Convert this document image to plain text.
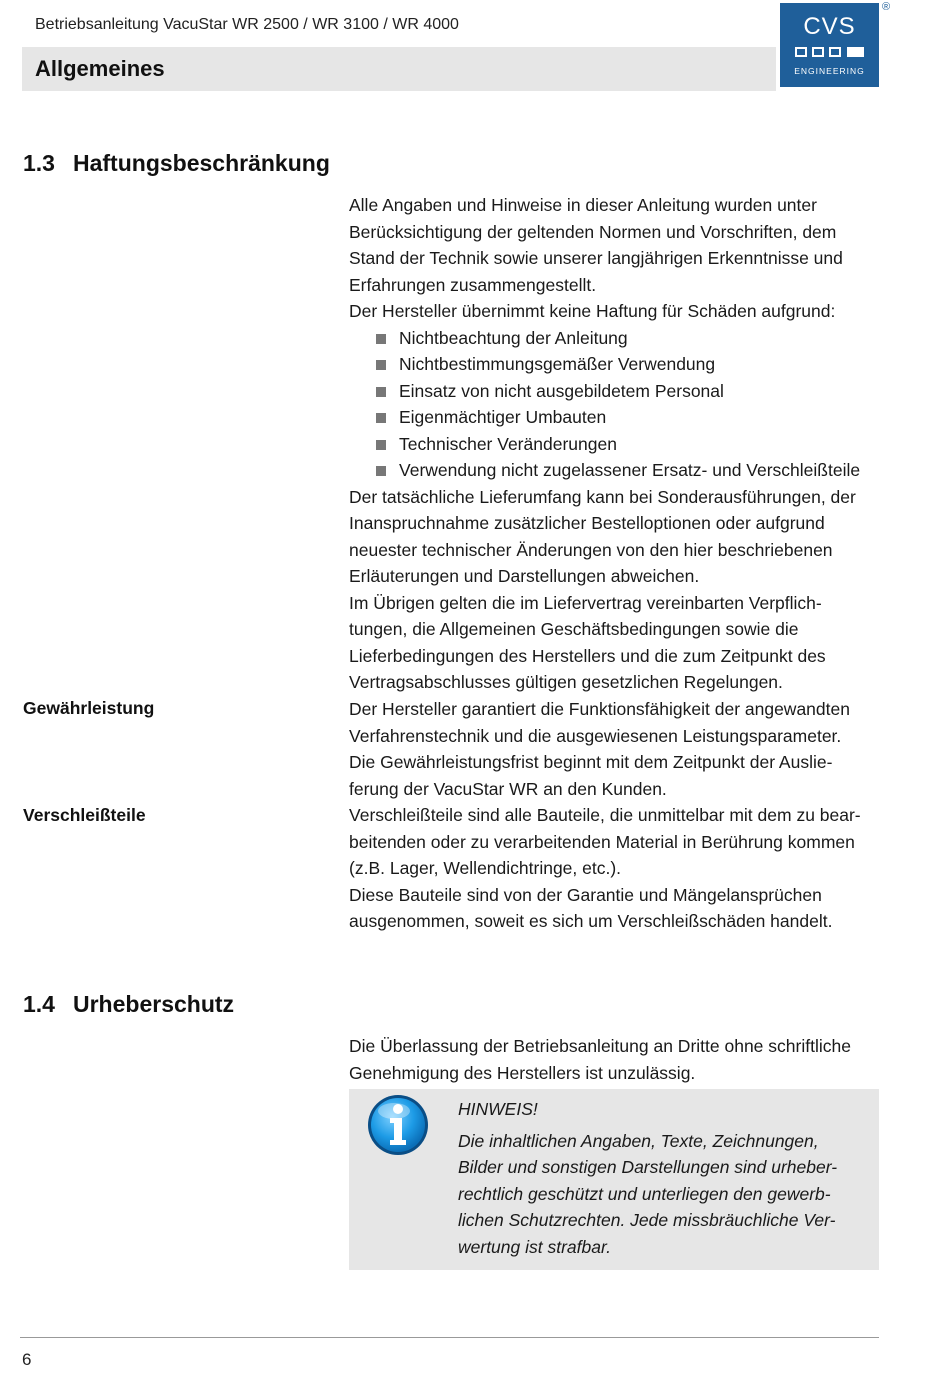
Betriebsanleitung VacuStar WR 2500 / WR 3100 / WR 4000
Allgemeines
CVS
ENGINEERING
®
1.3 Haftungsbeschränkung

Alle Angaben und Hinweise in dieser Anleitung wurden unter
Berücksichtigung der geltenden Normen und Vorschriften, dem
Stand der Technik sowie unserer langjährigen Erkenntnisse und
Erfahrungen zusammengestellt.

Der Hersteller übernimmt keine Haftung für Schäden aufgrund:

Nichtbeachtung der Anleitung
Nichtbestimmungsgemäßer Verwendung
Einsatz von nicht ausgebildetem Personal
Eigenmächtiger Umbauten
Technischer Veränderungen
Verwendung nicht zugelassener Ersatz- und Verschleißteile

Der tatsächliche Lieferumfang kann bei Sonderausführungen, der
Inanspruchnahme zusätzlicher Bestelloptionen oder aufgrund
neuester technischer Änderungen von den hier beschriebenen
Erläuterungen und Darstellungen abweichen.

Im Übrigen gelten die im Liefervertrag vereinbarten Verpflich-
tungen, die Allgemeinen Geschäftsbedingungen sowie die
Lieferbedingungen des Herstellers und die zum Zeitpunkt des
Vertragsabschlusses gültigen gesetzlichen Regelungen.

Gewährleistung	Der Hersteller garantiert die Funktionsfähigkeit der angewandten
Verfahrenstechnik und die ausgewiesenen Leistungsparameter.

Die Gewährleistungsfrist beginnt mit dem Zeitpunkt der Auslie-
ferung der VacuStar WR an den Kunden.

Verschleißteile	Verschleißteile sind alle Bauteile, die unmittelbar mit dem zu bear-
beitenden oder zu verarbeitenden Material in Berührung kommen
(z.B. Lager, Wellendichtringe, etc.).

Diese Bauteile sind von der Garantie und Mängelansprüchen
ausgenommen, soweit es sich um Verschleißschäden handelt.

1.4 Urheberschutz

Die Überlassung der Betriebsanleitung an Dritte ohne schriftliche
Genehmigung des Herstellers ist unzulässig.

HINWEIS!

Die inhaltlichen Angaben, Texte, Zeichnungen,
Bilder und sonstigen Darstellungen sind urheber-
rechtlich geschützt und unterliegen den gewerb-
lichen Schutzrechten. Jede missbräuchliche Ver-
wertung ist strafbar.

6
